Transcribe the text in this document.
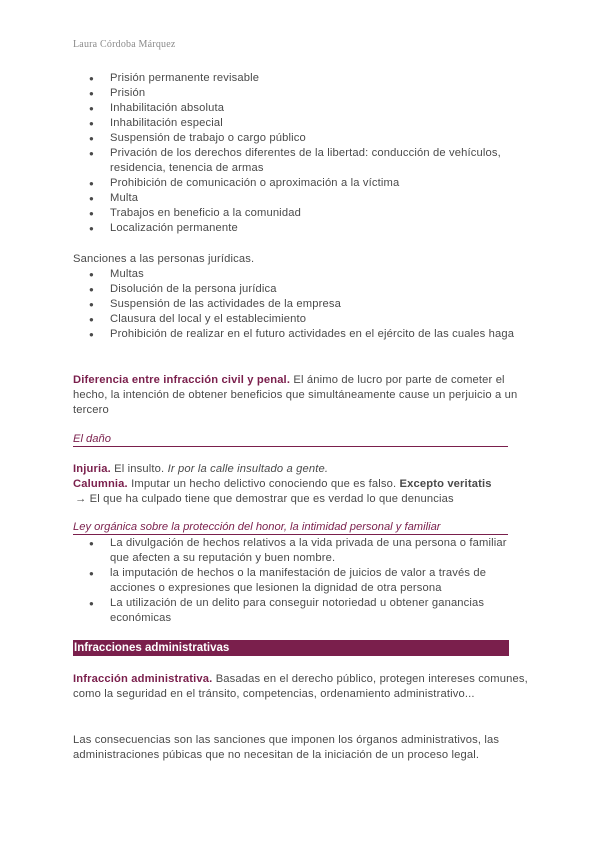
Laura Córdoba Márquez
● Prisión permanente revisable
● Prisión
● Inhabilitación absoluta
● Inhabilitación especial
● Suspensión de trabajo o cargo público
● Privación de los derechos diferentes de la libertad: conducción de vehículos, residencia, tenencia de armas
● Prohibición de comunicación o aproximación a la víctima
● Multa
● Trabajos en beneficio a la comunidad
● Localización permanente

Sanciones a las personas jurídicas.

● Multas
● Disolución de la persona jurídica
● Suspensión de las actividades de la empresa
● Clausura del local y el establecimiento
● Prohibición de realizar en el futuro actividades en el ejército de las cuales haga

Diferencia entre infracción civil y penal. El ánimo de lucro por parte de cometer el hecho, la intención de obtener beneficios que simultáneamente cause un perjuicio a un tercero

El daño

Injuria. El insulto. Ir por la calle insultado a gente.

Calumnia. Imputar un hecho delictivo conociendo que es falso. Excepto veritatis

→ El que ha culpado tiene que demostrar que es verdad lo que denuncias

Ley orgánica sobre la protección del honor, la intimidad personal y familiar
● La divulgación de hechos relativos a la vida privada de una persona o familiar que afecten a su reputación y buen nombre.
● la imputación de hechos o la manifestación de juicios de valor a través de acciones o expresiones que lesionen la dignidad de otra persona
● La utilización de un delito para conseguir notoriedad u obtener ganancias económicas
Infracciones administrativas

Infracción administrativa. Basadas en el derecho público, protegen intereses comunes, como la seguridad en el tránsito, competencias, ordenamiento administrativo...

Las consecuencias son las sanciones que imponen los órganos administrativos, las administraciones púbicas que no necesitan de la iniciación de un proceso legal.
